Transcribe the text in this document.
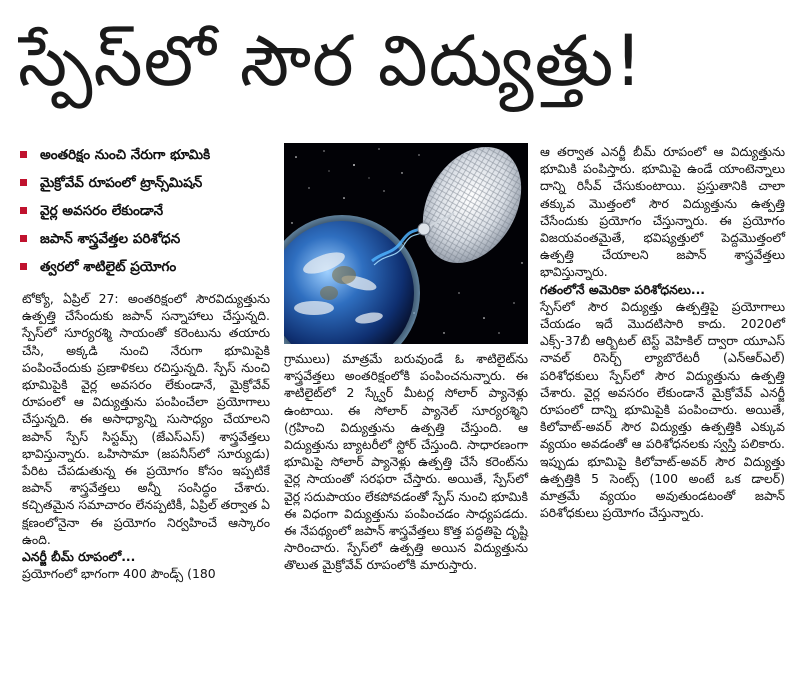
స్పేస్‌లో సౌర విద్యుత్తు!
అంతరిక్షం నుంచి నేరుగా భూమికి
మైక్రోవేవ్ రూపంలో ట్రాన్స్‌మిషన్
వైర్ల అవసరం లేకుండానే
జపాన్ శాస్త్రవేత్తల పరిశోధన
త్వరలో శాటిలైట్ ప్రయోగం

టోక్యో, ఏప్రిల్ 27: అంతరిక్షంలో సౌరవిద్యుత్తును ఉత్పత్తి చేసేందుకు జపాన్ సన్నాహాలు చేస్తున్నది. స్పేస్‌లో సూర్యరశ్మి సాయంతో కరెంటును తయారు చేసి, అక్కడి నుంచి నేరుగా భూమిపైకి పంపించేందుకు ప్రణాళికలు రచిస్తున్నది. స్పేస్ నుంచి భూమిపైకి వైర్ల అవసరం లేకుండానే, మైక్రోవేవ్ రూపంలో ఆ విద్యుత్తును పంపించేలా ప్రయోగాలు చేస్తున్నది. ఈ అసాధ్యాన్ని సుసాధ్యం చేయాలని జపాన్ స్పేస్ సిస్టమ్స్ (జేఎస్ఎస్) శాస్త్రవేత్తలు భావిస్తున్నారు. ఒహిసామా (జపనీస్‌లో సూర్యుడు) పేరిట చేపడుతున్న ఈ ప్రయోగం కోసం ఇప్పటికే జపాన్ శాస్త్రవేత్తలు అన్నీ సంసిద్ధం చేశారు. కచ్చితమైన సమాచారం లేనప్పటికీ, ఏప్రిల్ తర్వాత ఏ క్షణంలోనైనా ఈ ప్రయోగం నిర్వహించే ఆస్కారం ఉంది.

ఎనర్జీ బీమ్ రూపంలో...

ప్రయోగంలో భాగంగా 400 పౌండ్స్ (180

గ్రాములు) మాత్రమే బరువుండే ఓ శాటిలైట్‌ను శాస్త్రవేత్తలు అంతరిక్షంలోకి పంపించనున్నారు. ఈ శాటిలైట్‌లో 2 స్క్వేర్ మీటర్ల సోలార్ ప్యానెళ్లు ఉంటాయి. ఈ సోలార్ ప్యానెల్ సూర్యరశ్మిని (గ్రహించి విద్యుత్తును ఉత్పత్తి చేస్తుంది. ఆ విద్యుత్తును బ్యాటరీలో స్టోర్ చేస్తుంది. సాధారణంగా భూమిపై సోలార్ ప్యానెళ్లు ఉత్పత్తి చేసే కరెంట్‌ను వైర్ల సాయంతో సరఫరా చేస్తారు. అయితే, స్పేస్‌లో వైర్ల సదుపాయం లేకపోవడంతో స్పేస్ నుంచి భూమికి ఈ విధంగా విద్యుత్తును పంపించడం సాధ్యపడదు. ఈ నేపథ్యంలో జపాన్ శాస్త్రవేత్తలు కొత్త పద్ధతిపై దృష్టి సారించారు. స్పేస్‌లో ఉత్పత్తి అయిన విద్యుత్తును తొలుత మైక్రోవేవ్ రూపంలోకి మారుస్తారు.

ఆ తర్వాత ఎనర్జీ బీమ్ రూపంలో ఆ విద్యుత్తును భూమికి పంపిస్తారు. భూమిపై ఉండే యాంటెన్నాలు దాన్ని రిసీవ్ చేసుకుంటాయి. ప్రస్తుతానికి చాలా తక్కువ మొత్తంలో సౌర విద్యుత్తును ఉత్పత్తి చేసేందుకు ప్రయోగం చేస్తున్నారు. ఈ ప్రయోగం విజయవంతమైతే, భవిష్యత్తులో పెద్దమొత్తంలో ఉత్పత్తి చేయాలని జపాన్ శాస్త్రవేత్తలు భావిస్తున్నారు.

గతంలోనే అమెరికా పరిశోధనలు...

స్పేస్‌లో సౌర విద్యుత్తు ఉత్పత్తిపై ప్రయోగాలు చేయడం ఇదే మొదటిసారి కాదు. 2020లో ఎక్స్-37బీ ఆర్బిటల్ టెస్ట్ వెహికిల్ ద్వారా యూఎస్ నావల్ రిసెర్చ్ ల్యాబొరేటరీ (ఎన్ఆర్ఎల్) పరిశోధకులు స్పేస్‌లో సౌర విద్యుత్తును ఉత్పత్తి చేశారు. వైర్ల అవసరం లేకుండానే మైక్రోవేవ్ ఎనర్జీ రూపంలో దాన్ని భూమిపైకి పంపించారు. అయితే, కిలోవాట్-అవర్ సౌర విద్యుత్తు ఉత్పత్తికి ఎక్కువ వ్యయం అవడంతో ఆ పరిశోధనలకు స్వస్తి పలికారు. ఇప్పుడు భూమిపై కిలోవాట్-అవర్ సౌర విద్యుత్తు ఉత్పత్తికి 5 సెంట్స్ (100 అంటే ఒక డాలర్) మాత్రమే వ్యయం అవుతుండటంతో జపాన్ పరిశోధకులు ప్రయోగం చేస్తున్నారు.
